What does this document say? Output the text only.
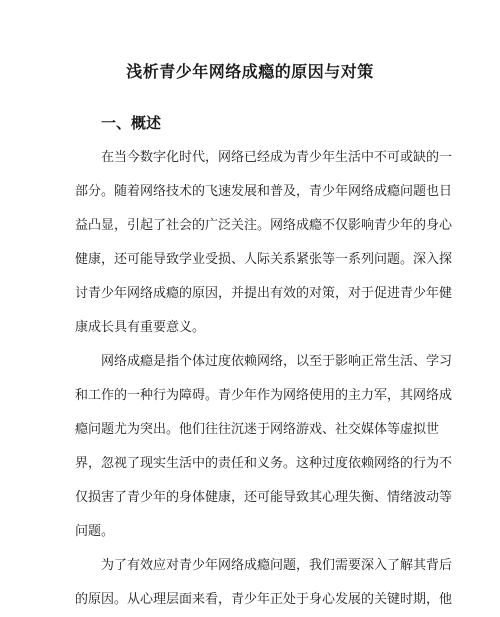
浅析青少年网络成瘾的原因与对策
一、概述

　　在当今数字化时代，网络已经成为青少年生活中不可或缺的一
部分。随着网络技术的飞速发展和普及，青少年网络成瘾问题也日
益凸显，引起了社会的广泛关注。网络成瘾不仅影响青少年的身心
健康，还可能导致学业受损、人际关系紧张等一系列问题。深入探
讨青少年网络成瘾的原因，并提出有效的对策，对于促进青少年健
康成长具有重要意义。

　　网络成瘾是指个体过度依赖网络，以至于影响正常生活、学习
和工作的一种行为障碍。青少年作为网络使用的主力军，其网络成
瘾问题尤为突出。他们往往沉迷于网络游戏、社交媒体等虚拟世
界，忽视了现实生活中的责任和义务。这种过度依赖网络的行为不
仅损害了青少年的身体健康，还可能导致其心理失衡、情绪波动等
问题。

　　为了有效应对青少年网络成瘾问题，我们需要深入了解其背后
的原因。从心理层面来看，青少年正处于身心发展的关键时期，他
